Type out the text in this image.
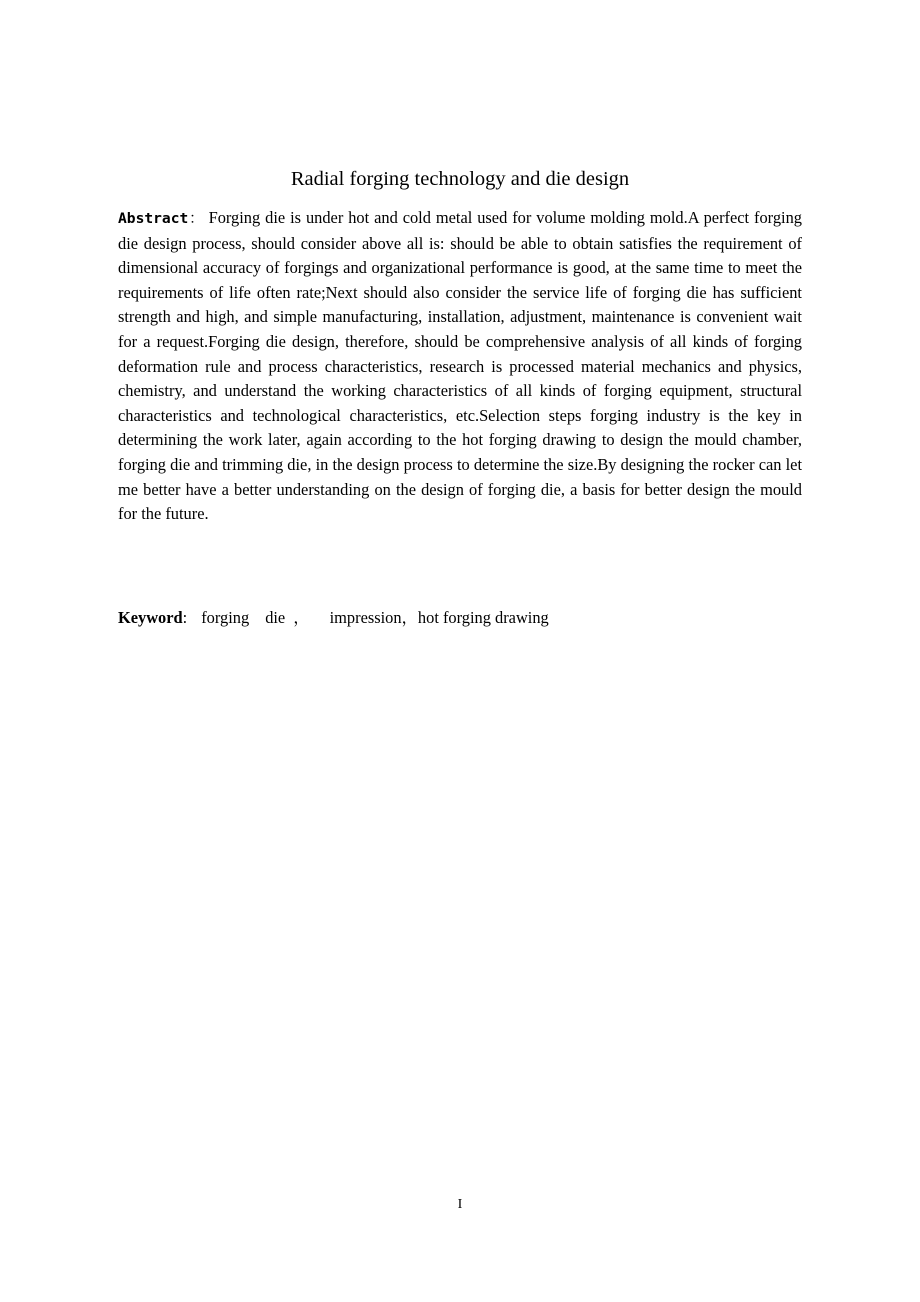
Radial forging technology and die design

Abstract： Forging die is under hot and cold metal used for volume molding mold.A perfect forging die design process, should consider above all is: should be able to obtain satisfies the requirement of dimensional accuracy of forgings and organizational performance is good, at the same time to meet the requirements of life often rate;Next should also consider the service life of forging die has sufficient strength and high, and simple manufacturing, installation, adjustment, maintenance is convenient wait for a request.Forging die design, therefore, should be comprehensive analysis of all kinds of forging deformation rule and process characteristics, research is processed material mechanics and physics, chemistry, and understand the working characteristics of all kinds of forging equipment, structural characteristics and technological characteristics, etc.Selection steps forging industry is the key in determining the work later, again according to the hot forging drawing to design the mould chamber, forging die and trimming die, in the design process to determine the size.By designing the rocker can let me better have a better understanding on the design of forging die, a basis for better design the mould for the future.

Keyword: forging die ， impression，hot forging drawing

I
